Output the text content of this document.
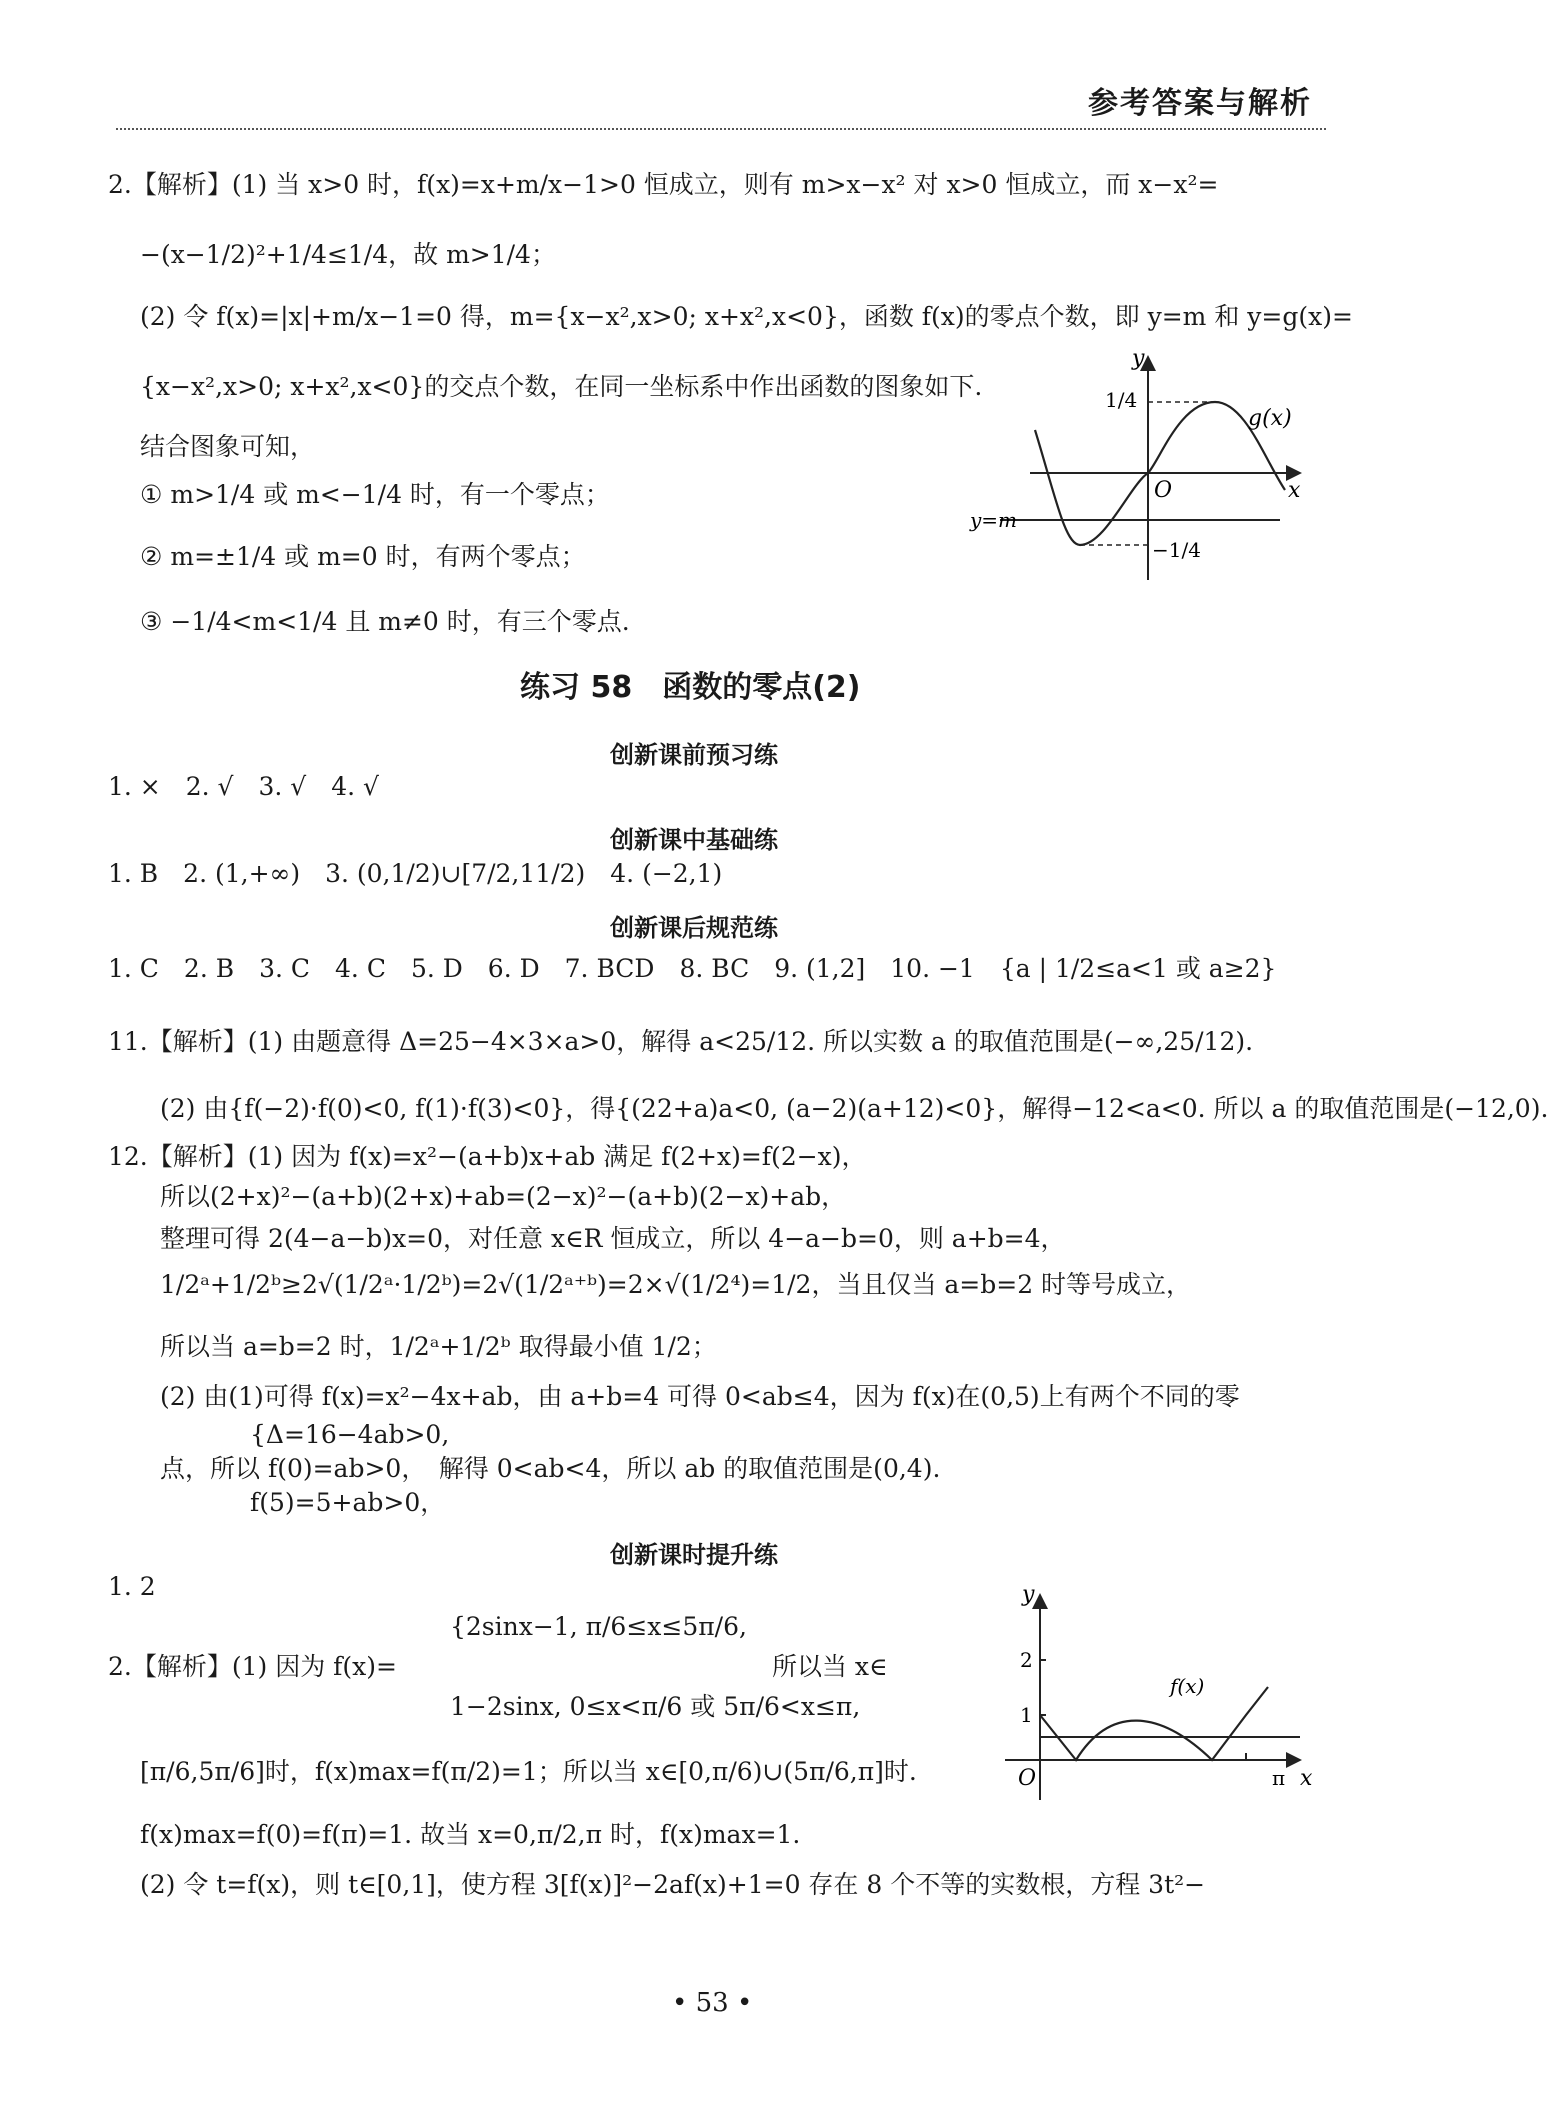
参考答案与解析
2.【解析】(1) 当 x>0 时，f(x)=x+m/x−1>0 恒成立，则有 m>x−x² 对 x>0 恒成立，而 x−x²=
−(x−1/2)²+1/4≤1/4，故 m>1/4；
(2) 令 f(x)=|x|+m/x−1=0 得，m={x−x²,x>0; x+x²,x<0}，函数 f(x)的零点个数，即 y=m 和 y=g(x)=
{x−x²,x>0; x+x²,x<0}的交点个数，在同一坐标系中作出函数的图象如下.
结合图象可知，
① m>1/4 或 m<−1/4 时，有一个零点；
② m=±1/4 或 m=0 时，有两个零点；
③ −1/4<m<1/4 且 m≠0 时，有三个零点.
y
x
O
g(x)
1/4
−1/4
y=m
练习 58　函数的零点(2)
创新课前预习练
1. ×　2. √　3. √　4. √
创新课中基础练
1. B　2. (1,+∞)　3. (0,1/2)∪[7/2,11/2)　4. (−2,1)
创新课后规范练
1. C　2. B　3. C　4. C　5. D　6. D　7. BCD　8. BC　9. (1,2]　10. −1　{a | 1/2≤a<1 或 a≥2}
11.【解析】(1) 由题意得 Δ=25−4×3×a>0，解得 a<25/12. 所以实数 a 的取值范围是(−∞,25/12).
(2) 由{f(−2)·f(0)<0, f(1)·f(3)<0}，得{(22+a)a<0, (a−2)(a+12)<0}，解得−12<a<0. 所以 a 的取值范围是(−12,0).
12.【解析】(1) 因为 f(x)=x²−(a+b)x+ab 满足 f(2+x)=f(2−x)，
所以(2+x)²−(a+b)(2+x)+ab=(2−x)²−(a+b)(2−x)+ab，
整理可得 2(4−a−b)x=0，对任意 x∈R 恒成立，所以 4−a−b=0，则 a+b=4，
1/2ᵃ+1/2ᵇ≥2√(1/2ᵃ·1/2ᵇ)=2√(1/2ᵃ⁺ᵇ)=2×√(1/2⁴)=1/2，当且仅当 a=b=2 时等号成立，
所以当 a=b=2 时，1/2ᵃ+1/2ᵇ 取得最小值 1/2；
(2) 由(1)可得 f(x)=x²−4x+ab，由 a+b=4 可得 0<ab≤4，因为 f(x)在(0,5)上有两个不同的零
{Δ=16−4ab>0,
点，所以 f(0)=ab>0，　解得 0<ab<4，所以 ab 的取值范围是(0,4).
f(5)=5+ab>0，
创新课时提升练
1. 2
{2sinx−1, π/6≤x≤5π/6,
2.【解析】(1) 因为 f(x)=　　　　　　　　　　　　　　　所以当 x∈
1−2sinx, 0≤x<π/6 或 5π/6<x≤π,
[π/6,5π/6]时，f(x)max=f(π/2)=1；所以当 x∈[0,π/6)∪(5π/6,π]时.
f(x)max=f(0)=f(π)=1. 故当 x=0,π/2,π 时，f(x)max=1.
(2) 令 t=f(x)，则 t∈[0,1]，使方程 3[f(x)]²−2af(x)+1=0 存在 8 个不等的实数根，方程 3t²−
y
x
O
2
1
f(x)
π
• 53 •
